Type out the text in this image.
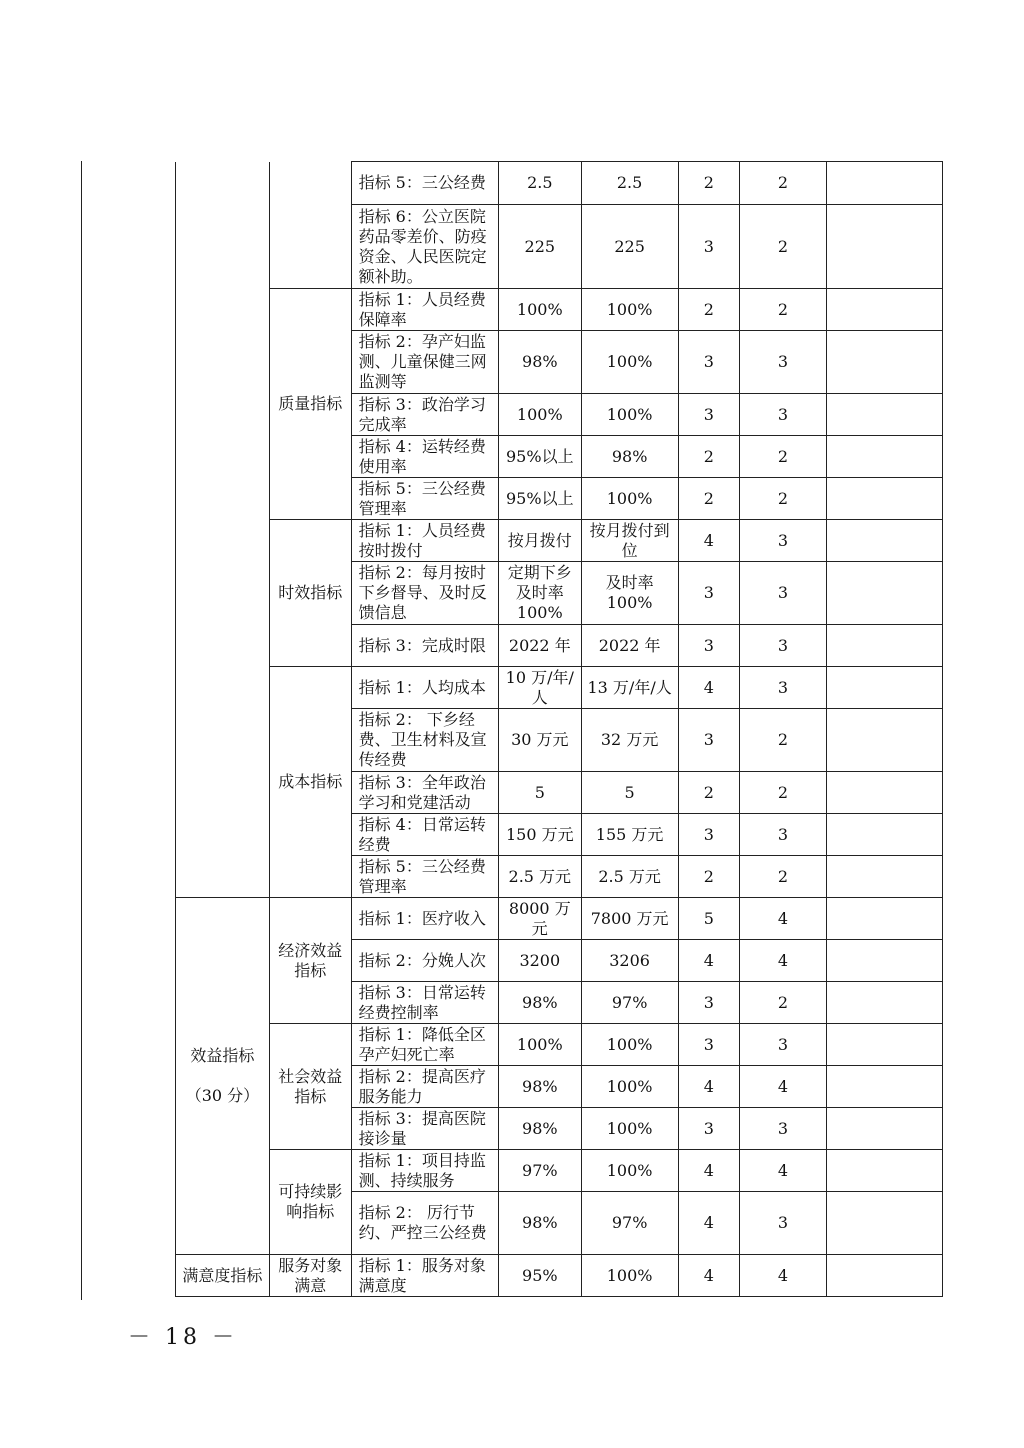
		指标 5：三公经费	2.5	2.5	2	2	
		指标 6：公立医院药品零差价、防疫资金、人民医院定额补助。	225	225	3	2	
	质量指标	指标 1：人员经费保障率	100%	100%	2	2	
		指标 2：孕产妇监测、儿童保健三网监测等	98%	100%	3	3	
		指标 3：政治学习完成率	100%	100%	3	3	
		指标 4：运转经费使用率	95%以上	98%	2	2	
		指标 5：三公经费管理率	95%以上	100%	2	2	
	时效指标	指标 1：人员经费按时拨付	按月拨付	按月拨付到位	4	3	
		指标 2：每月按时下乡督导、及时反馈信息	定期下乡及时率 100%	及时率 100%	3	3	
		指标 3：完成时限	2022 年	2022 年	3	3	
	成本指标	指标 1：人均成本	10 万/年/人	13 万/年/人	4	3	
		指标 2： 下乡经费、卫生材料及宣传经费	30 万元	32 万元	3	2	
		指标 3：全年政治学习和党建活动	5	5	2	2	
		指标 4：日常运转经费	150 万元	155 万元	3	3	
		指标 5：三公经费管理率	2.5 万元	2.5 万元	2	2	

效益指标
（30 分）	经济效益指标	指标 1：医疗收入	8000 万元	7800 万元	5	4	
		指标 2：分娩人次	3200	3206	4	4	
		指标 3：日常运转经费控制率	98%	97%	3	2	
	社会效益指标	指标 1：降低全区孕产妇死亡率	100%	100%	3	3	
		指标 2：提高医疗服务能力	98%	100%	4	4	
		指标 3：提高医院接诊量	98%	100%	3	3	
	可持续影响指标	指标 1：项目持监测、持续服务	97%	100%	4	4	
		指标 2： 厉行节约、严控三公经费	98%	97%	4	3	
满意度指标	服务对象满意	指标 1：服务对象满意度	95%	100%	4	4	
－ 18 －
